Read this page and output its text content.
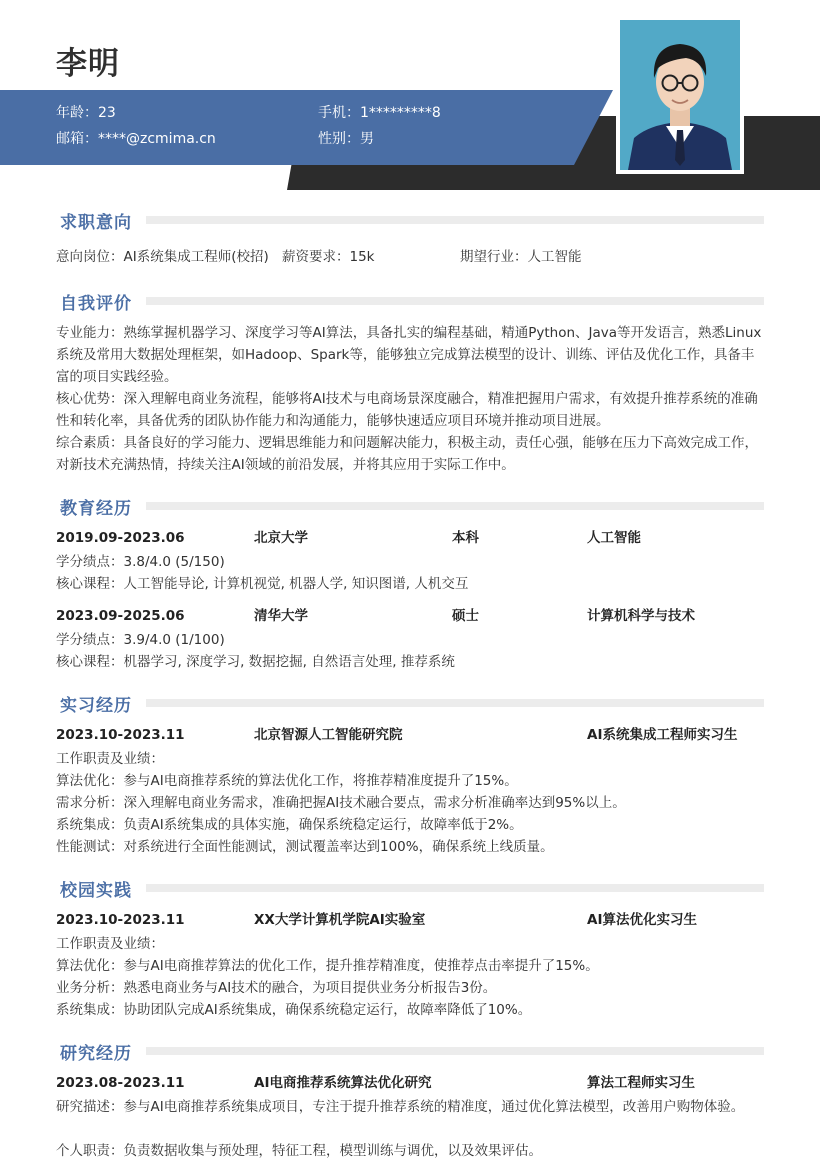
李明
年龄：23	手机：1*********8
邮箱：****@zcmima.cn	性别：男
求职意向
意向岗位：AI系统集成工程师(校招) 薪资要求：15k	期望行业：人工智能
自我评价
专业能力：熟练掌握机器学习、深度学习等AI算法，具备扎实的编程基础，精通Python、Java等开发语言，熟悉Linux系统及常用大数据处理框架，如Hadoop、Spark等，能够独立完成算法模型的设计、训练、评估及优化工作，具备丰富的项目实践经验。
核心优势：深入理解电商业务流程，能够将AI技术与电商场景深度融合，精准把握用户需求，有效提升推荐系统的准确性和转化率，具备优秀的团队协作能力和沟通能力，能够快速适应项目环境并推动项目进展。
综合素质：具备良好的学习能力、逻辑思维能力和问题解决能力，积极主动，责任心强，能够在压力下高效完成工作，对新技术充满热情，持续关注AI领域的前沿发展，并将其应用于实际工作中。
教育经历
2019.09-2023.06	北京大学	本科	人工智能
学分绩点：3.8/4.0 (5/150)
核心课程：人工智能导论, 计算机视觉, 机器人学, 知识图谱, 人机交互
2023.09-2025.06	清华大学	硕士	计算机科学与技术
学分绩点：3.9/4.0 (1/100)
核心课程：机器学习, 深度学习, 数据挖掘, 自然语言处理, 推荐系统
实习经历
2023.10-2023.11	北京智源人工智能研究院	AI系统集成工程师实习生
工作职责及业绩：
算法优化：参与AI电商推荐系统的算法优化工作，将推荐精准度提升了15%。
需求分析：深入理解电商业务需求，准确把握AI技术融合要点，需求分析准确率达到95%以上。
系统集成：负责AI系统集成的具体实施，确保系统稳定运行，故障率低于2%。
性能测试：对系统进行全面性能测试，测试覆盖率达到100%，确保系统上线质量。
校园实践
2023.10-2023.11	XX大学计算机学院AI实验室	AI算法优化实习生
工作职责及业绩：
算法优化：参与AI电商推荐算法的优化工作，提升推荐精准度，使推荐点击率提升了15%。
业务分析：熟悉电商业务与AI技术的融合，为项目提供业务分析报告3份。
系统集成：协助团队完成AI系统集成，确保系统稳定运行，故障率降低了10%。
研究经历
2023.08-2023.11	AI电商推荐系统算法优化研究	算法工程师实习生
研究描述：参与AI电商推荐系统集成项目，专注于提升推荐系统的精准度，通过优化算法模型，改善用户购物体验。
个人职责：负责数据收集与预处理，特征工程，模型训练与调优，以及效果评估。
